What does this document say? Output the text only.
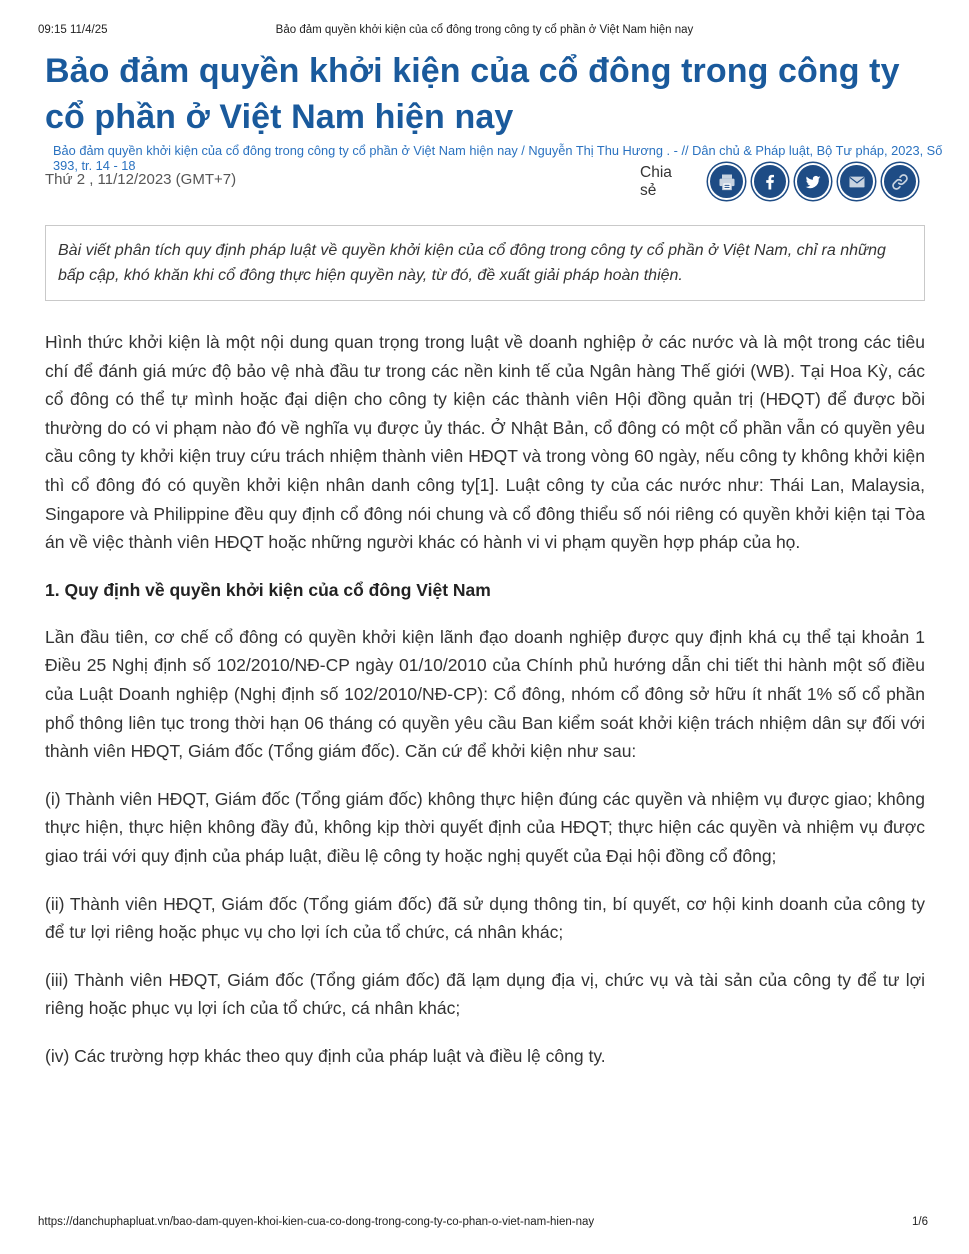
09:15 11/4/25	Bảo đảm quyền khởi kiện của cổ đông trong công ty cổ phần ở Việt Nam hiện nay
Bảo đảm quyền khởi kiện của cổ đông trong công ty cổ phần ở Việt Nam hiện nay
Bảo đảm quyền khởi kiện của cổ đông trong công ty cổ phần ở Việt Nam hiện nay / Nguyễn Thị Thu Hương . - // Dân chủ & Pháp luật, Bộ Tư pháp, 2023, Số 393, tr. 14 - 18
Thứ 2 , 11/12/2023 (GMT+7)	Chia sẻ
Bài viết phân tích quy định pháp luật về quyền khởi kiện của cổ đông trong công ty cổ phần ở Việt Nam, chỉ ra những bấp cập, khó khăn khi cổ đông thực hiện quyền này, từ đó, đề xuất giải pháp hoàn thiện.

Hình thức khởi kiện là một nội dung quan trọng trong luật về doanh nghiệp ở các nước và là một trong các tiêu chí để đánh giá mức độ bảo vệ nhà đầu tư trong các nền kinh tế của Ngân hàng Thế giới (WB). Tại Hoa Kỳ, các cổ đông có thể tự mình hoặc đại diện cho công ty kiện các thành viên Hội đồng quản trị (HĐQT) để được bồi thường do có vi phạm nào đó về nghĩa vụ được ủy thác. Ở Nhật Bản, cổ đông có một cổ phần vẫn có quyền yêu cầu công ty khởi kiện truy cứu trách nhiệm thành viên HĐQT và trong vòng 60 ngày, nếu công ty không khởi kiện thì cổ đông đó có quyền khởi kiện nhân danh công ty[1]. Luật công ty của các nước như: Thái Lan, Malaysia, Singapore và Philippine đều quy định cổ đông nói chung và cổ đông thiểu số nói riêng có quyền khởi kiện tại Tòa án về việc thành viên HĐQT hoặc những người khác có hành vi vi phạm quyền hợp pháp của họ.

1. Quy định về quyền khởi kiện của cổ đông Việt Nam

Lần đầu tiên, cơ chế cổ đông có quyền khởi kiện lãnh đạo doanh nghiệp được quy định khá cụ thể tại khoản 1 Điều 25 Nghị định số 102/2010/NĐ-CP ngày 01/10/2010 của Chính phủ hướng dẫn chi tiết thi hành một số điều của Luật Doanh nghiệp (Nghị định số 102/2010/NĐ-CP): Cổ đông, nhóm cổ đông sở hữu ít nhất 1% số cổ phần phổ thông liên tục trong thời hạn 06 tháng có quyền yêu cầu Ban kiểm soát khởi kiện trách nhiệm dân sự đối với thành viên HĐQT, Giám đốc (Tổng giám đốc). Căn cứ để khởi kiện như sau:

(i) Thành viên HĐQT, Giám đốc (Tổng giám đốc) không thực hiện đúng các quyền và nhiệm vụ được giao; không thực hiện, thực hiện không đầy đủ, không kịp thời quyết định của HĐQT; thực hiện các quyền và nhiệm vụ được giao trái với quy định của pháp luật, điều lệ công ty hoặc nghị quyết của Đại hội đồng cổ đông;

(ii) Thành viên HĐQT, Giám đốc (Tổng giám đốc) đã sử dụng thông tin, bí quyết, cơ hội kinh doanh của công ty để tư lợi riêng hoặc phục vụ cho lợi ích của tổ chức, cá nhân khác;

(iii) Thành viên HĐQT, Giám đốc (Tổng giám đốc) đã lạm dụng địa vị, chức vụ và tài sản của công ty để tư lợi riêng hoặc phục vụ lợi ích của tổ chức, cá nhân khác;

(iv) Các trường hợp khác theo quy định của pháp luật và điều lệ công ty.

https://danchuphapluat.vn/bao-dam-quyen-khoi-kien-cua-co-dong-trong-cong-ty-co-phan-o-viet-nam-hien-nay	1/6
